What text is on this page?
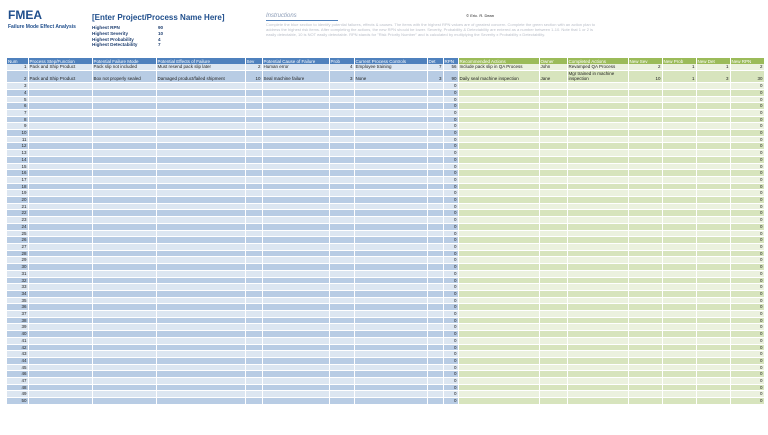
FMEA
Failure Mode Effect Analysis
[Enter Project/Process Name Here]
Highest RPN	90
Highest Severity	10
Highest Probability	4
Highest Detectability	7
Instructions	© Eric. R. Dean
Complete the blue section to identify potential failures, effects & causes. The items with the highest RPN values are of greatest concern. Complete the green section with an action plan to address the highest risk items. After completing the actions, the new RPN should be lower. Severity, Probability & Detectability are entered as a number between 1-10. Note that 1 or 2 is easily detectable, 10 is NOT easily detectable. RPN stands for "Risk Priority Number" and is calculated by multiplying the Severity x Probability x Detectability.
Num	Process Step/Function	Potential Failure Mode	Potential Effects of Failure	Sev	Potential Cause of Failure	Prob	Current Process Controls	Det	RPN	Recommended Actions	Owner	Completed Actions	New Sev	New Prob	New Det	New RPN
1	Pack and Ship Product	Pack slip not included	Must resend pack slip later	2	Human error	4	Employee training	7	56	Include pack slip in QA Process	John	Revamped QA Process	2	1	1	2
2	Pack and Ship Product	Box not properly sealed	Damaged product/failed shipment	10	Seal machine failure	3	None	3	90	Daily seal machine inspection	Jane	Mgr trained in machine inspection	10	1	3	30
3									0							0
4									0							0
5									0							0
6									0							0
7									0							0
8									0							0
9									0							0
10									0							0
11									0							0
12									0							0
13									0							0
14									0							0
15									0							0
16									0							0
17									0							0
18									0							0
19									0							0
20									0							0
21									0							0
22									0							0
23									0							0
24									0							0
25									0							0
26									0							0
27									0							0
28									0							0
29									0							0
30									0							0
31									0							0
32									0							0
33									0							0
34									0							0
35									0							0
36									0							0
37									0							0
38									0							0
39									0							0
40									0							0
41									0							0
42									0							0
43									0							0
44									0							0
45									0							0
46									0							0
47									0							0
48									0							0
49									0							0
50									0							0
